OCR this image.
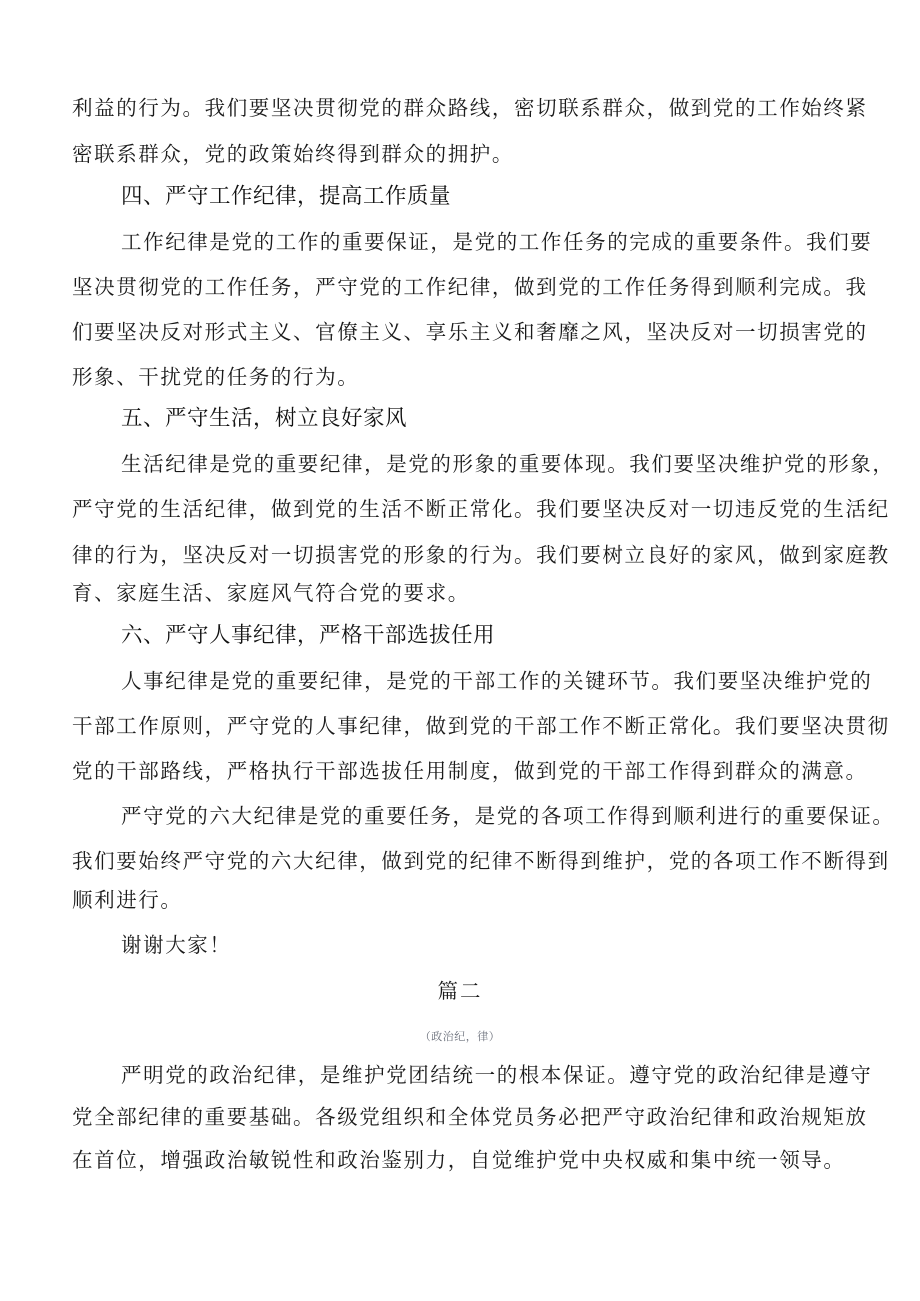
利益的行为。我们要坚决贯彻党的群众路线，密切联系群众，做到党的工作始终紧
密联系群众，党的政策始终得到群众的拥护。
四、严守工作纪律，提高工作质量
工作纪律是党的工作的重要保证，是党的工作任务的完成的重要条件。我们要
坚决贯彻党的工作任务，严守党的工作纪律，做到党的工作任务得到顺利完成。我
们要坚决反对形式主义、官僚主义、享乐主义和奢靡之风，坚决反对一切损害党的
形象、干扰党的任务的行为。
五、严守生活，树立良好家风
生活纪律是党的重要纪律，是党的形象的重要体现。我们要坚决维护党的形象，
严守党的生活纪律，做到党的生活不断正常化。我们要坚决反对一切违反党的生活纪
律的行为，坚决反对一切损害党的形象的行为。我们要树立良好的家风，做到家庭教
育、家庭生活、家庭风气符合党的要求。
六、严守人事纪律，严格干部选拔任用
人事纪律是党的重要纪律，是党的干部工作的关键环节。我们要坚决维护党的
干部工作原则，严守党的人事纪律，做到党的干部工作不断正常化。我们要坚决贯彻
党的干部路线，严格执行干部选拔任用制度，做到党的干部工作得到群众的满意。
严守党的六大纪律是党的重要任务，是党的各项工作得到顺利进行的重要保证。
我们要始终严守党的六大纪律，做到党的纪律不断得到维护，党的各项工作不断得到
顺利进行。
谢谢大家！
篇二
（政治纪，律）
严明党的政治纪律，是维护党团结统一的根本保证。遵守党的政治纪律是遵守
党全部纪律的重要基础。各级党组织和全体党员务必把严守政治纪律和政治规矩放
在首位，增强政治敏锐性和政治鉴别力，自觉维护党中央权威和集中统一领导。
